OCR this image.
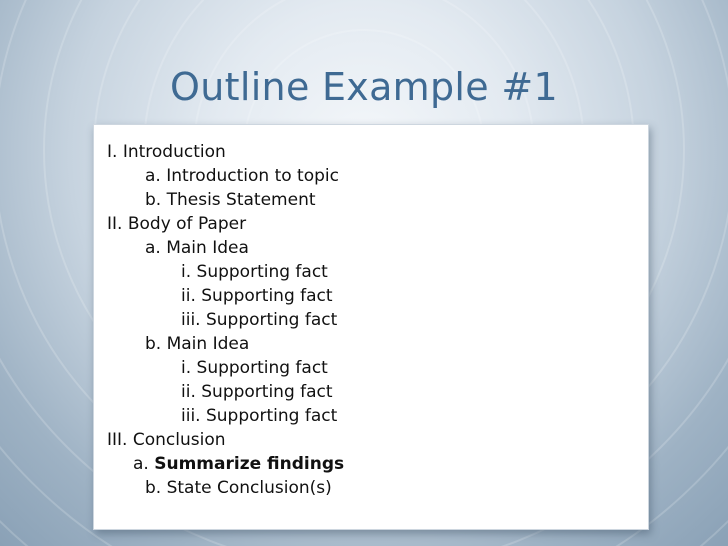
Outline Example #1
I. Introduction
a. Introduction to topic
b. Thesis Statement
II. Body of Paper
a. Main Idea
i. Supporting fact
ii. Supporting fact
iii. Supporting fact
b. Main Idea
i. Supporting fact
ii. Supporting fact
iii. Supporting fact
III. Conclusion
a. Summarize findings
b. State Conclusion(s)
